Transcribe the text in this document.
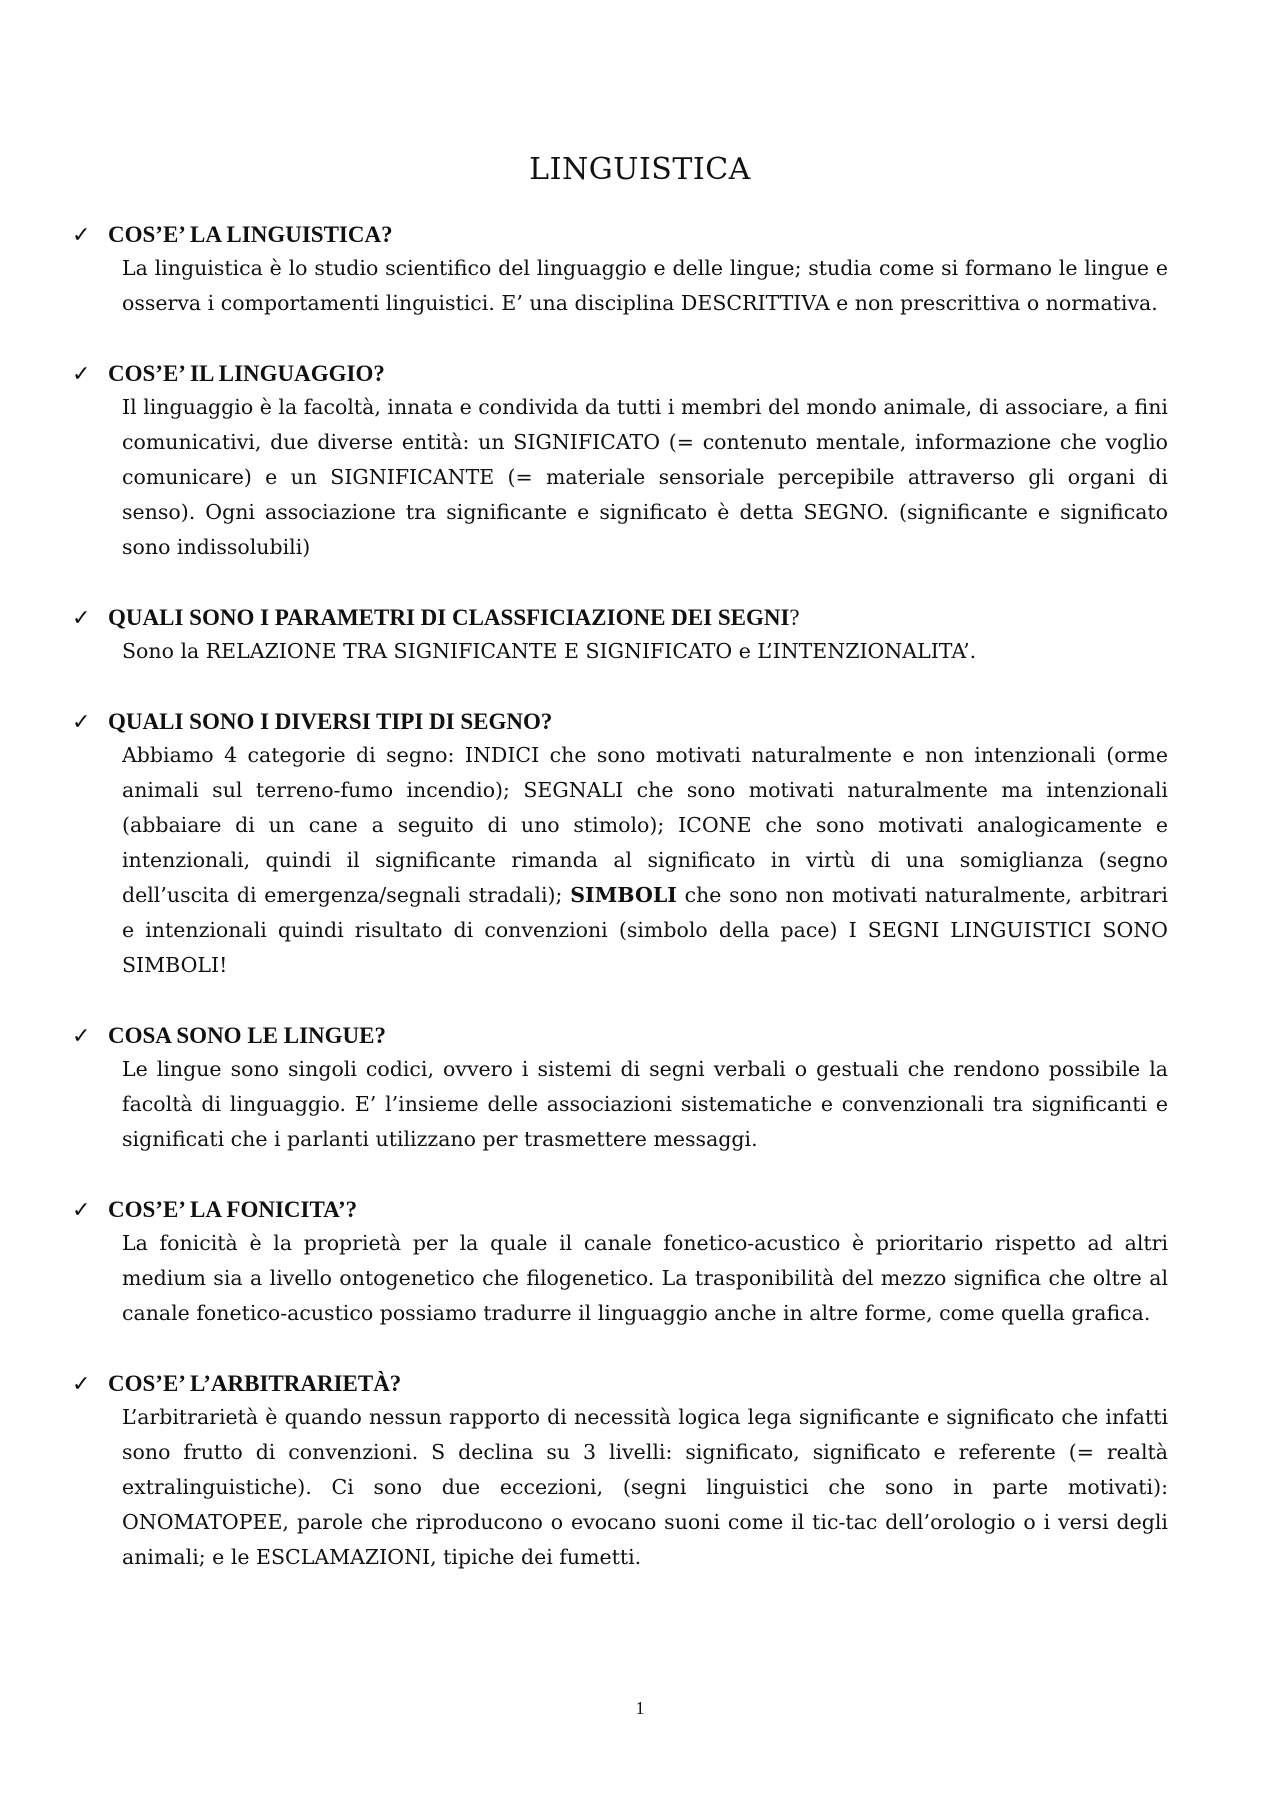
LINGUISTICA
✓ COS’E’ LA LINGUISTICA?
La linguistica è lo studio scientifico del linguaggio e delle lingue; studia come si formano le lingue e osserva i comportamenti linguistici. E’ una disciplina DESCRITTIVA e non prescrittiva o normativa.
✓ COS’E’ IL LINGUAGGIO?
Il linguaggio è la facoltà, innata e condivida da tutti i membri del mondo animale, di associare, a fini comunicativi, due diverse entità: un SIGNIFICATO (= contenuto mentale, informazione che voglio comunicare) e un SIGNIFICANTE (= materiale sensoriale percepibile attraverso gli organi di senso). Ogni associazione tra significante e significato è detta SEGNO. (significante e significato sono indissolubili)
✓ QUALI SONO I PARAMETRI DI CLASSFICIAZIONE DEI SEGNI?
Sono la RELAZIONE TRA SIGNIFICANTE E SIGNIFICATO e L’INTENZIONALITA’.
✓ QUALI SONO I DIVERSI TIPI DI SEGNO?
Abbiamo 4 categorie di segno: INDICI che sono motivati naturalmente e non intenzionali (orme animali sul terreno-fumo incendio); SEGNALI che sono motivati naturalmente ma intenzionali (abbaiare di un cane a seguito di uno stimolo); ICONE che sono motivati analogicamente e intenzionali, quindi il significante rimanda al significato in virtù di una somiglianza (segno dell’uscita di emergenza/segnali stradali); SIMBOLI che sono non motivati naturalmente, arbitrari e intenzionali quindi risultato di convenzioni (simbolo della pace) I SEGNI LINGUISTICI SONO SIMBOLI!
✓ COSA SONO LE LINGUE?
Le lingue sono singoli codici, ovvero i sistemi di segni verbali o gestuali che rendono possibile la facoltà di linguaggio. E’ l’insieme delle associazioni sistematiche e convenzionali tra significanti e significati che i parlanti utilizzano per trasmettere messaggi.
✓ COS’E’ LA FONICITA’?
La fonicità è la proprietà per la quale il canale fonetico-acustico è prioritario rispetto ad altri medium sia a livello ontogenetico che filogenetico. La trasponibilità del mezzo significa che oltre al canale fonetico-acustico possiamo tradurre il linguaggio anche in altre forme, come quella grafica.
✓ COS’E’ L’ARBITRARIETÀ?
L’arbitrarietà è quando nessun rapporto di necessità logica lega significante e significato che infatti sono frutto di convenzioni. S declina su 3 livelli: significato, significato e referente (= realtà extralinguistiche). Ci sono due eccezioni, (segni linguistici che sono in parte motivati): ONOMATOPEE, parole che riproducono o evocano suoni come il tic-tac dell’orologio o i versi degli animali; e le ESCLAMAZIONI, tipiche dei fumetti.
1
